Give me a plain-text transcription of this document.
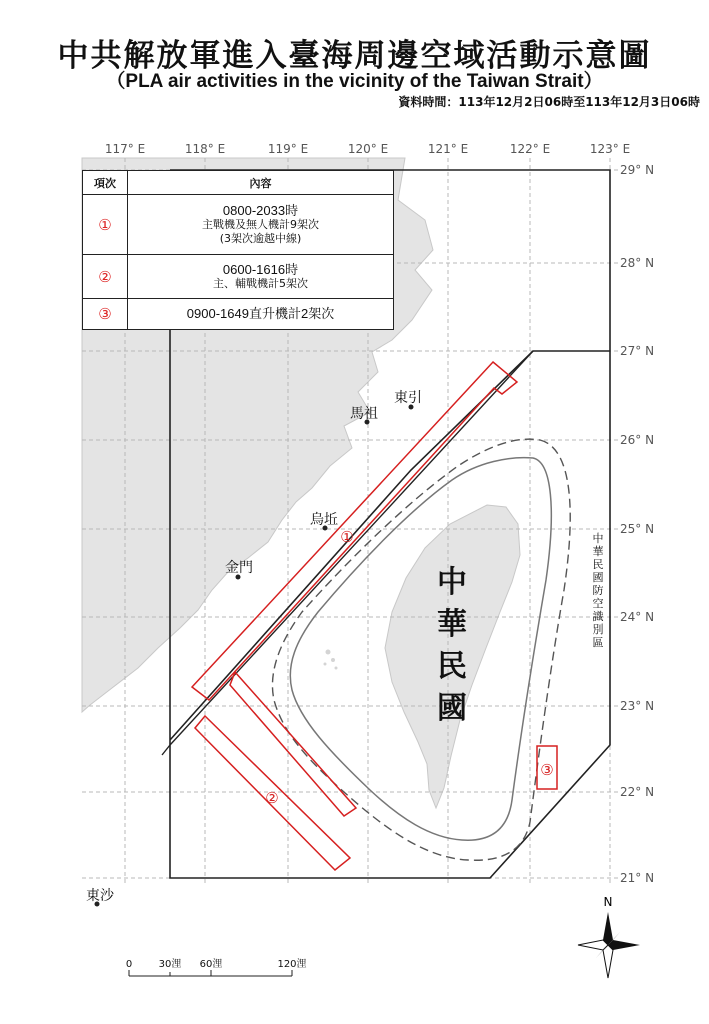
中共解放軍進入臺海周邊空域活動示意圖
（PLA air activities in the vicinity of the Taiwan Strait）
資料時間：113年12月2日06時至113年12月3日06時
117° E	118° E	119° E	120° E	121° E	122° E	123° E
29° N
28° N
27° N
26° N
25° N
24° N
23° N
22° N
21° N
①
②
③
東引
馬祖
烏坵
金門
東沙
中
華
民
國
中
華
民
國
防
空
識
別
區
N
0	30浬 60浬	120浬
項次	內容
①	0800-2033時
主戰機及無人機計9架次
(3架次逾越中線)

②	0600-1616時
主、輔戰機計5架次

③	0900-1649直升機計2架次
